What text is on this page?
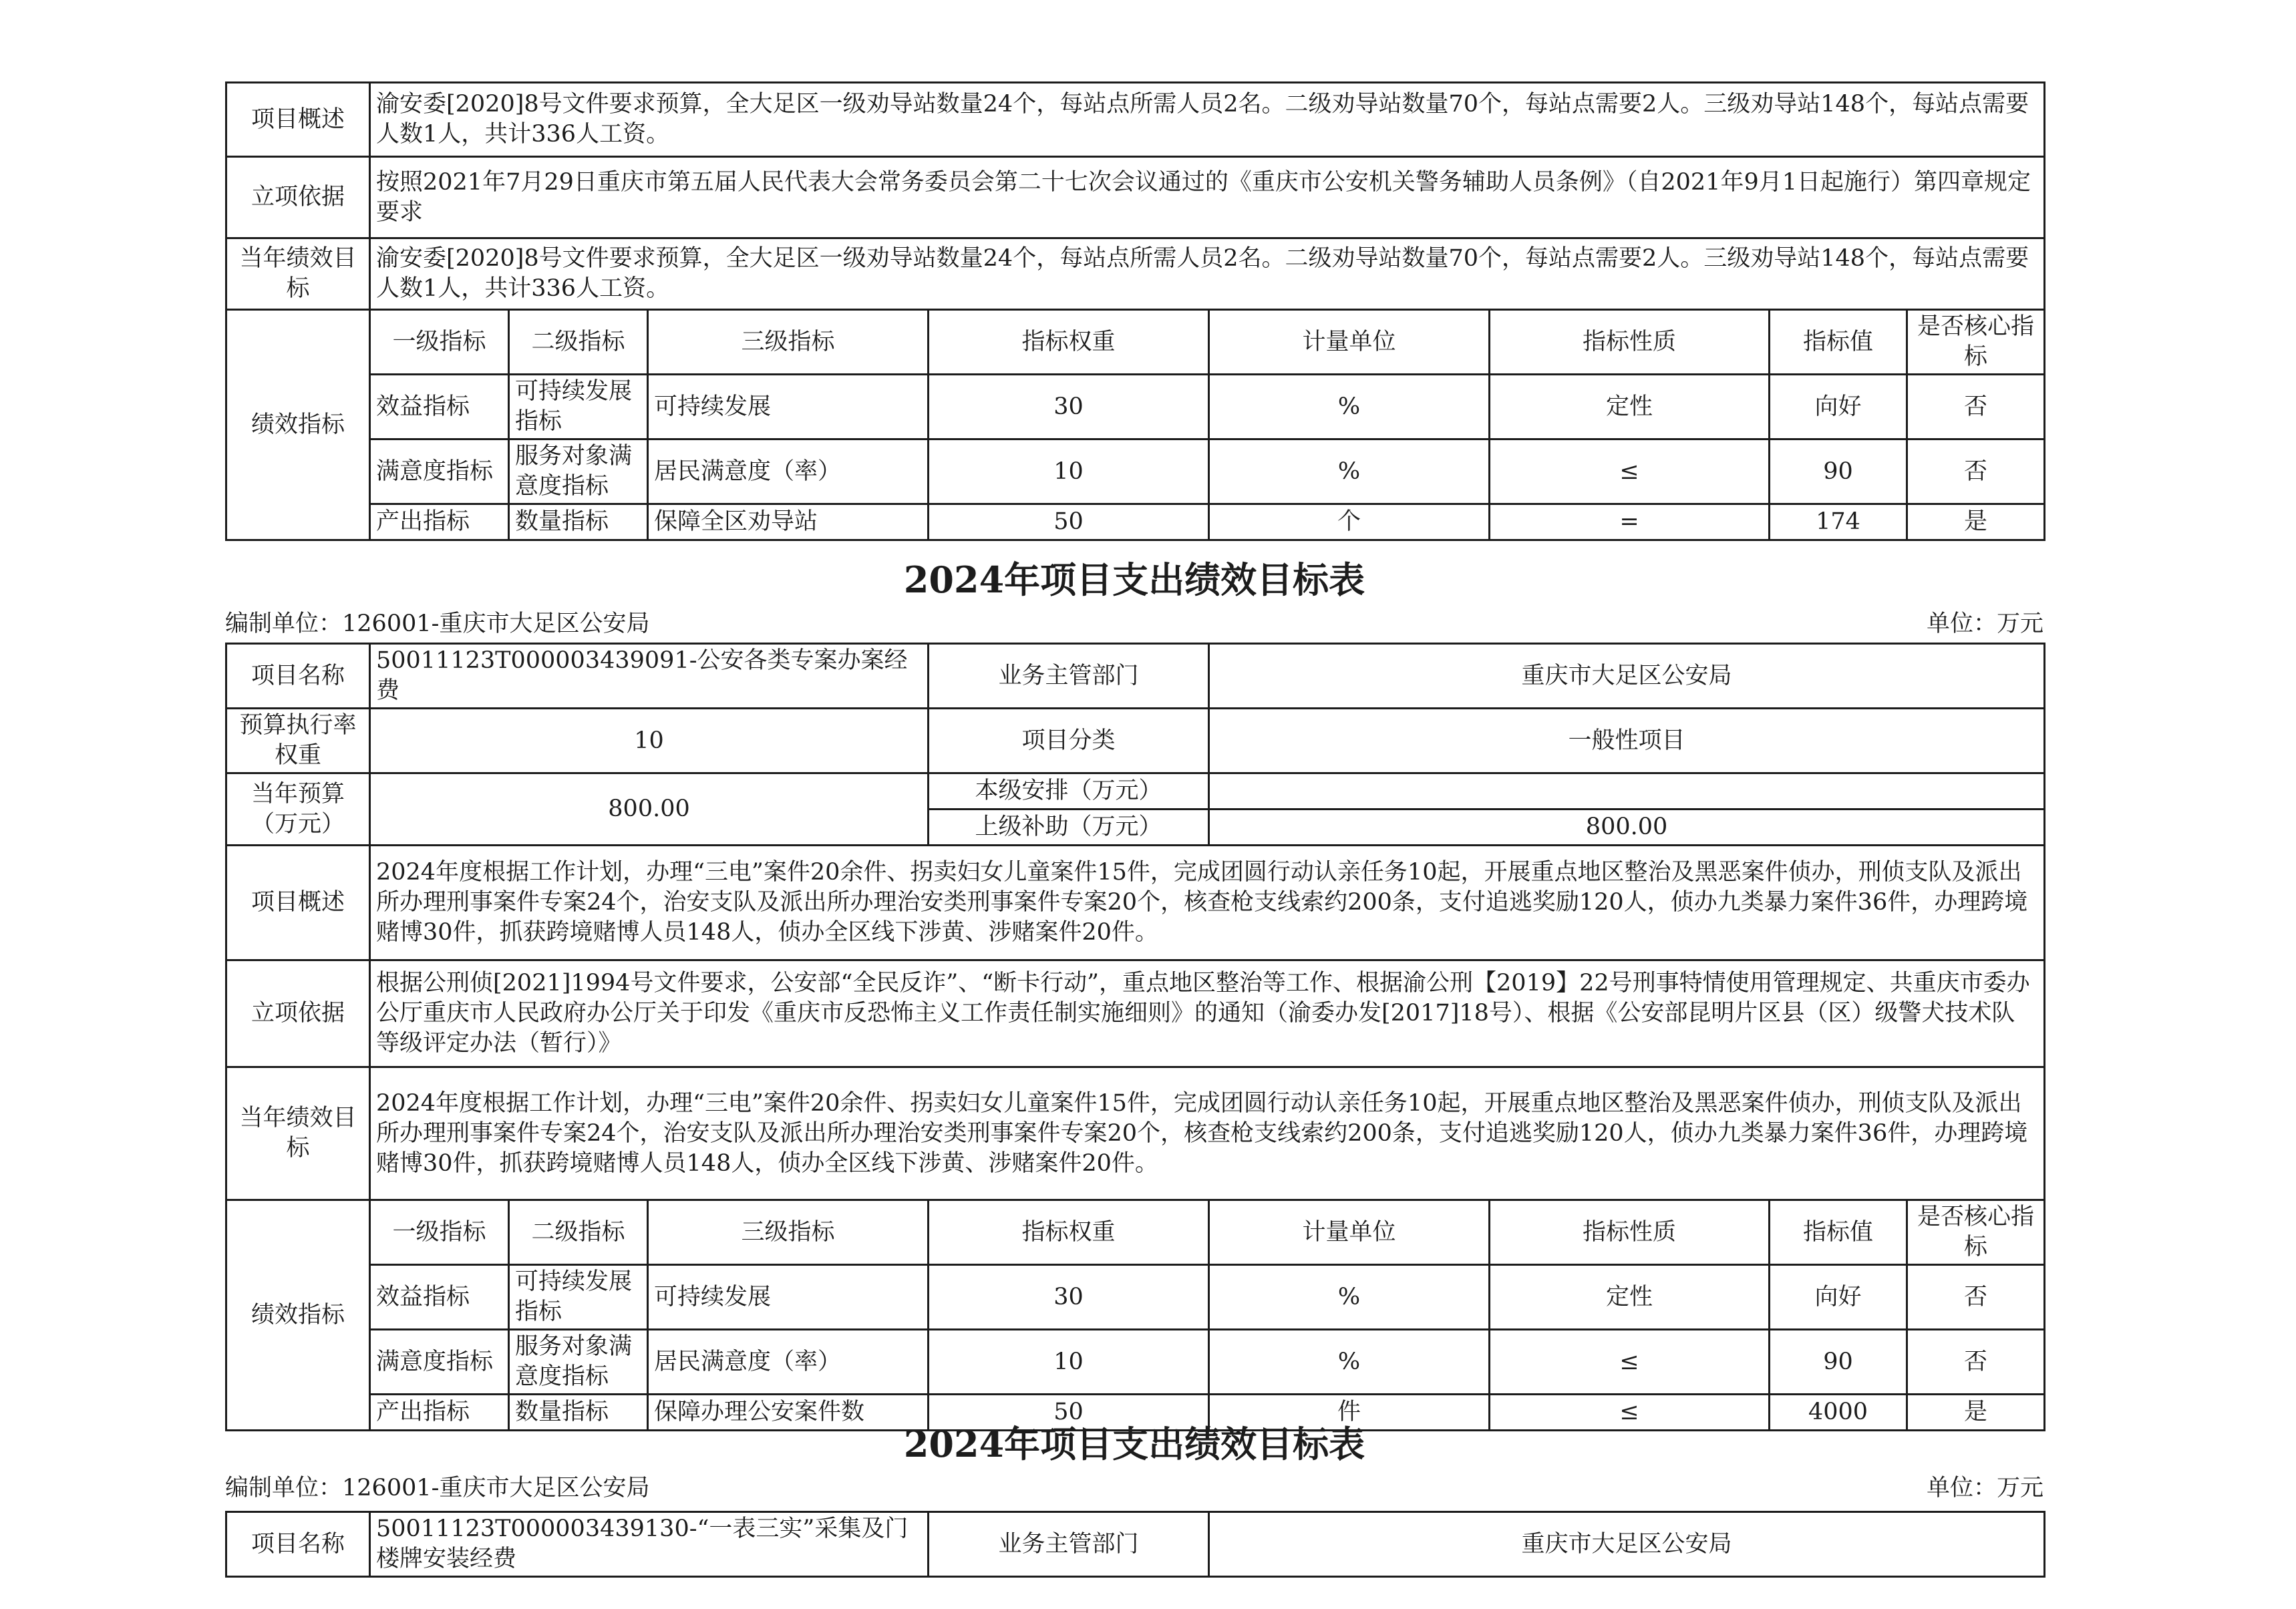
项目概述	渝安委[2020]8号文件要求预算，全大足区一级劝导站数量24个，每站点所需人员2名。二级劝导站数量70个，每站点需要2人。三级劝导站148个，每站点需要人数1人，共计336人工资。							
立项依据	按照2021年7月29日重庆市第五届人民代表大会常务委员会第二十七次会议通过的《重庆市公安机关警务辅助人员条例》（自2021年9月1日起施行）第四章规定要求							
当年绩效目标	渝安委[2020]8号文件要求预算，全大足区一级劝导站数量24个，每站点所需人员2名。二级劝导站数量70个，每站点需要2人。三级劝导站148个，每站点需要人数1人，共计336人工资。							
绩效指标	一级指标	二级指标	三级指标	指标权重	计量单位	指标性质	指标值	是否核心指标
	效益指标	可持续发展指标	可持续发展	30	%	定性	向好	否
	满意度指标	服务对象满意度指标	居民满意度（率）	10	%	≤	90	否
	产出指标	数量指标	保障全区劝导站	50	个	=	174	是
2024年项目支出绩效目标表
编制单位：126001-重庆市大足区公安局	单位：万元
项目名称	50011123T000003439091-公安各类专案办案经费			业务主管部门	重庆市大足区公安局			
预算执行率权重	10			项目分类	一般性项目			
当年预算（万元）	800.00			本级安排（万元）				
				上级补助（万元）	800.00			
项目概述	2024年度根据工作计划，办理“三电”案件20余件、拐卖妇女儿童案件15件，完成团圆行动认亲任务10起，开展重点地区整治及黑恶案件侦办，刑侦支队及派出所办理刑事案件专案24个，治安支队及派出所办理治安类刑事案件专案20个，核查枪支线索约200条，支付追逃奖励120人，侦办九类暴力案件36件，办理跨境赌博30件，抓获跨境赌博人员148人，侦办全区线下涉黄、涉赌案件20件。							
立项依据	根据公刑侦[2021]1994号文件要求，公安部“全民反诈”、“断卡行动”，重点地区整治等工作、根据渝公刑【2019】22号刑事特情使用管理规定、共重庆市委办公厅重庆市人民政府办公厅关于印发《重庆市反恐怖主义工作责任制实施细则》的通知（渝委办发[2017]18号）、根据《公安部昆明片区县（区）级警犬技术队等级评定办法（暂行）》							
当年绩效目标	2024年度根据工作计划，办理“三电”案件20余件、拐卖妇女儿童案件15件，完成团圆行动认亲任务10起，开展重点地区整治及黑恶案件侦办，刑侦支队及派出所办理刑事案件专案24个，治安支队及派出所办理治安类刑事案件专案20个，核查枪支线索约200条，支付追逃奖励120人，侦办九类暴力案件36件，办理跨境赌博30件，抓获跨境赌博人员148人，侦办全区线下涉黄、涉赌案件20件。							
绩效指标	一级指标	二级指标	三级指标	指标权重	计量单位	指标性质	指标值	是否核心指标
	效益指标	可持续发展指标	可持续发展	30	%	定性	向好	否
	满意度指标	服务对象满意度指标	居民满意度（率）	10	%	≤	90	否
	产出指标	数量指标	保障办理公安案件数	50	件	≤	4000	是
2024年项目支出绩效目标表
编制单位：126001-重庆市大足区公安局	单位：万元
项目名称	50011123T000003439130-“一表三实”采集及门楼牌安装经费	业务主管部门	重庆市大足区公安局
